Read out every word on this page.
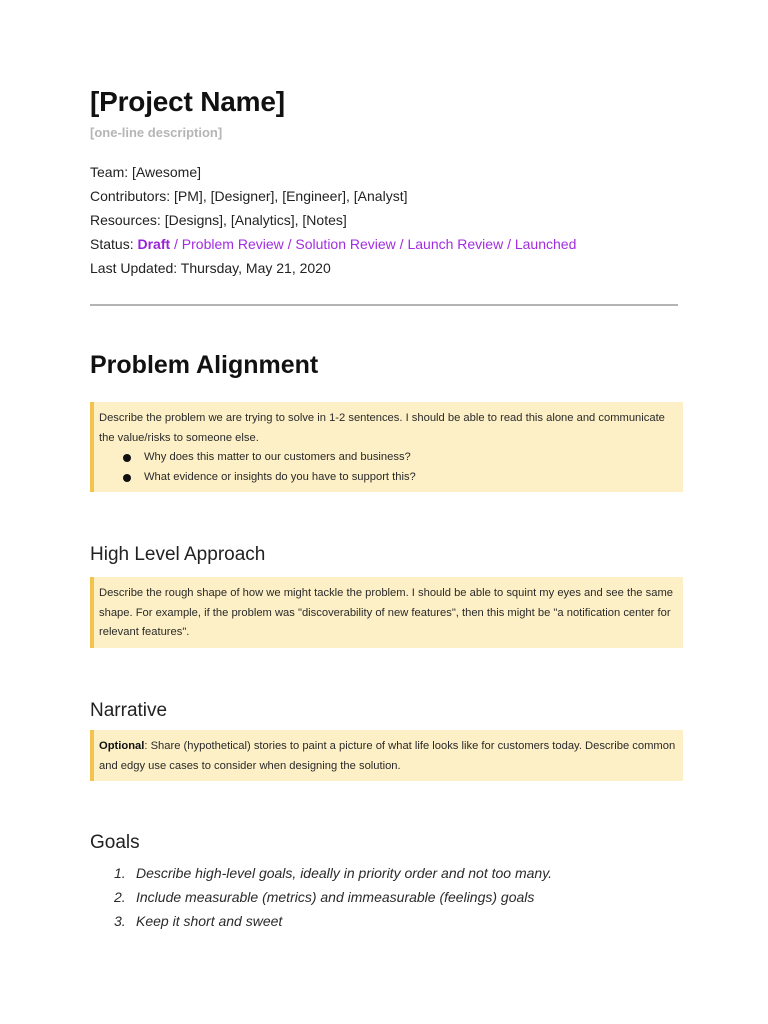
[Project Name]

[one-line description]

Team: [Awesome]
Contributors: [PM], [Designer], [Engineer], [Analyst]
Resources: [Designs], [Analytics], [Notes]
Status: Draft / Problem Review / Solution Review / Launch Review / Launched
Last Updated: Thursday, May 21, 2020
Problem Alignment
Describe the problem we are trying to solve in 1-2 sentences. I should be able to read this alone and communicate the value/risks to someone else.
Why does this matter to our customers and business?
What evidence or insights do you have to support this?
High Level Approach
Describe the rough shape of how we might tackle the problem. I should be able to squint my eyes and see the same shape. For example, if the problem was "discoverability of new features", then this might be "a notification center for relevant features".
Narrative
Optional: Share (hypothetical) stories to paint a picture of what life looks like for customers today. Describe common and edgy use cases to consider when designing the solution.
Goals
1. Describe high-level goals, ideally in priority order and not too many.
2. Include measurable (metrics) and immeasurable (feelings) goals
3. Keep it short and sweet
